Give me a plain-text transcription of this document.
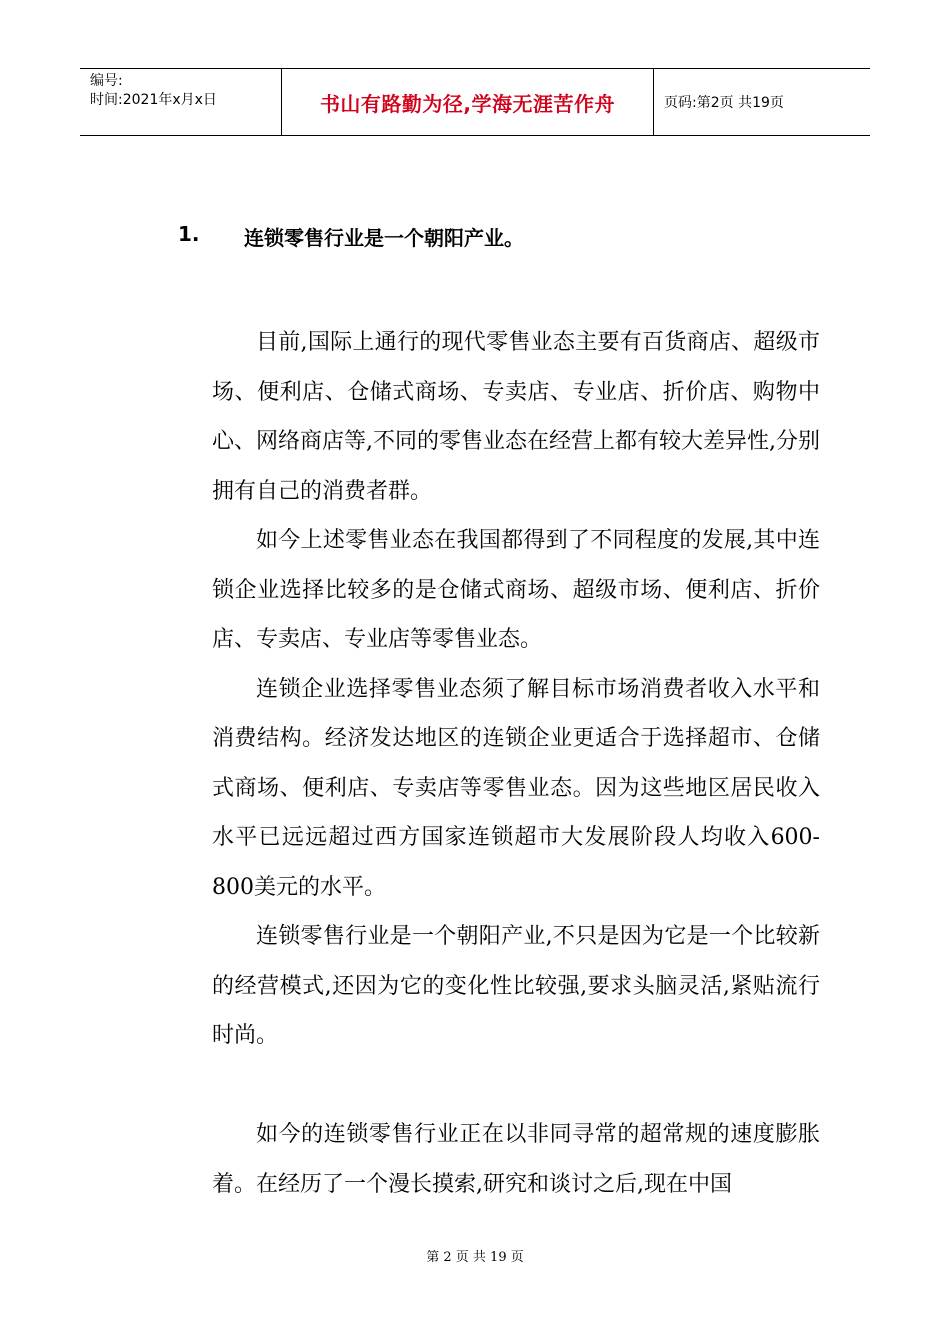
编号:
时间:2021年x月x日	书山有路勤为径,学海无涯苦作舟	页码:第2页 共19页
1.	连锁零售行业是一个朝阳产业。

目前,国际上通行的现代零售业态主要有百货商店、超级市场、便利店、仓储式商场、专卖店、专业店、折价店、购物中心、网络商店等,不同的零售业态在经营上都有较大差异性,分别拥有自己的消费者群。

如今上述零售业态在我国都得到了不同程度的发展,其中连锁企业选择比较多的是仓储式商场、超级市场、便利店、折价店、专卖店、专业店等零售业态。

连锁企业选择零售业态须了解目标市场消费者收入水平和消费结构。经济发达地区的连锁企业更适合于选择超市、仓储式商场、便利店、专卖店等零售业态。因为这些地区居民收入水平已远远超过西方国家连锁超市大发展阶段人均收入600-800美元的水平。

连锁零售行业是一个朝阳产业,不只是因为它是一个比较新的经营模式,还因为它的变化性比较强,要求头脑灵活,紧贴流行时尚。

如今的连锁零售行业正在以非同寻常的超常规的速度膨胀着。在经历了一个漫长摸索,研究和谈讨之后,现在中国

第 2 页 共 19 页
